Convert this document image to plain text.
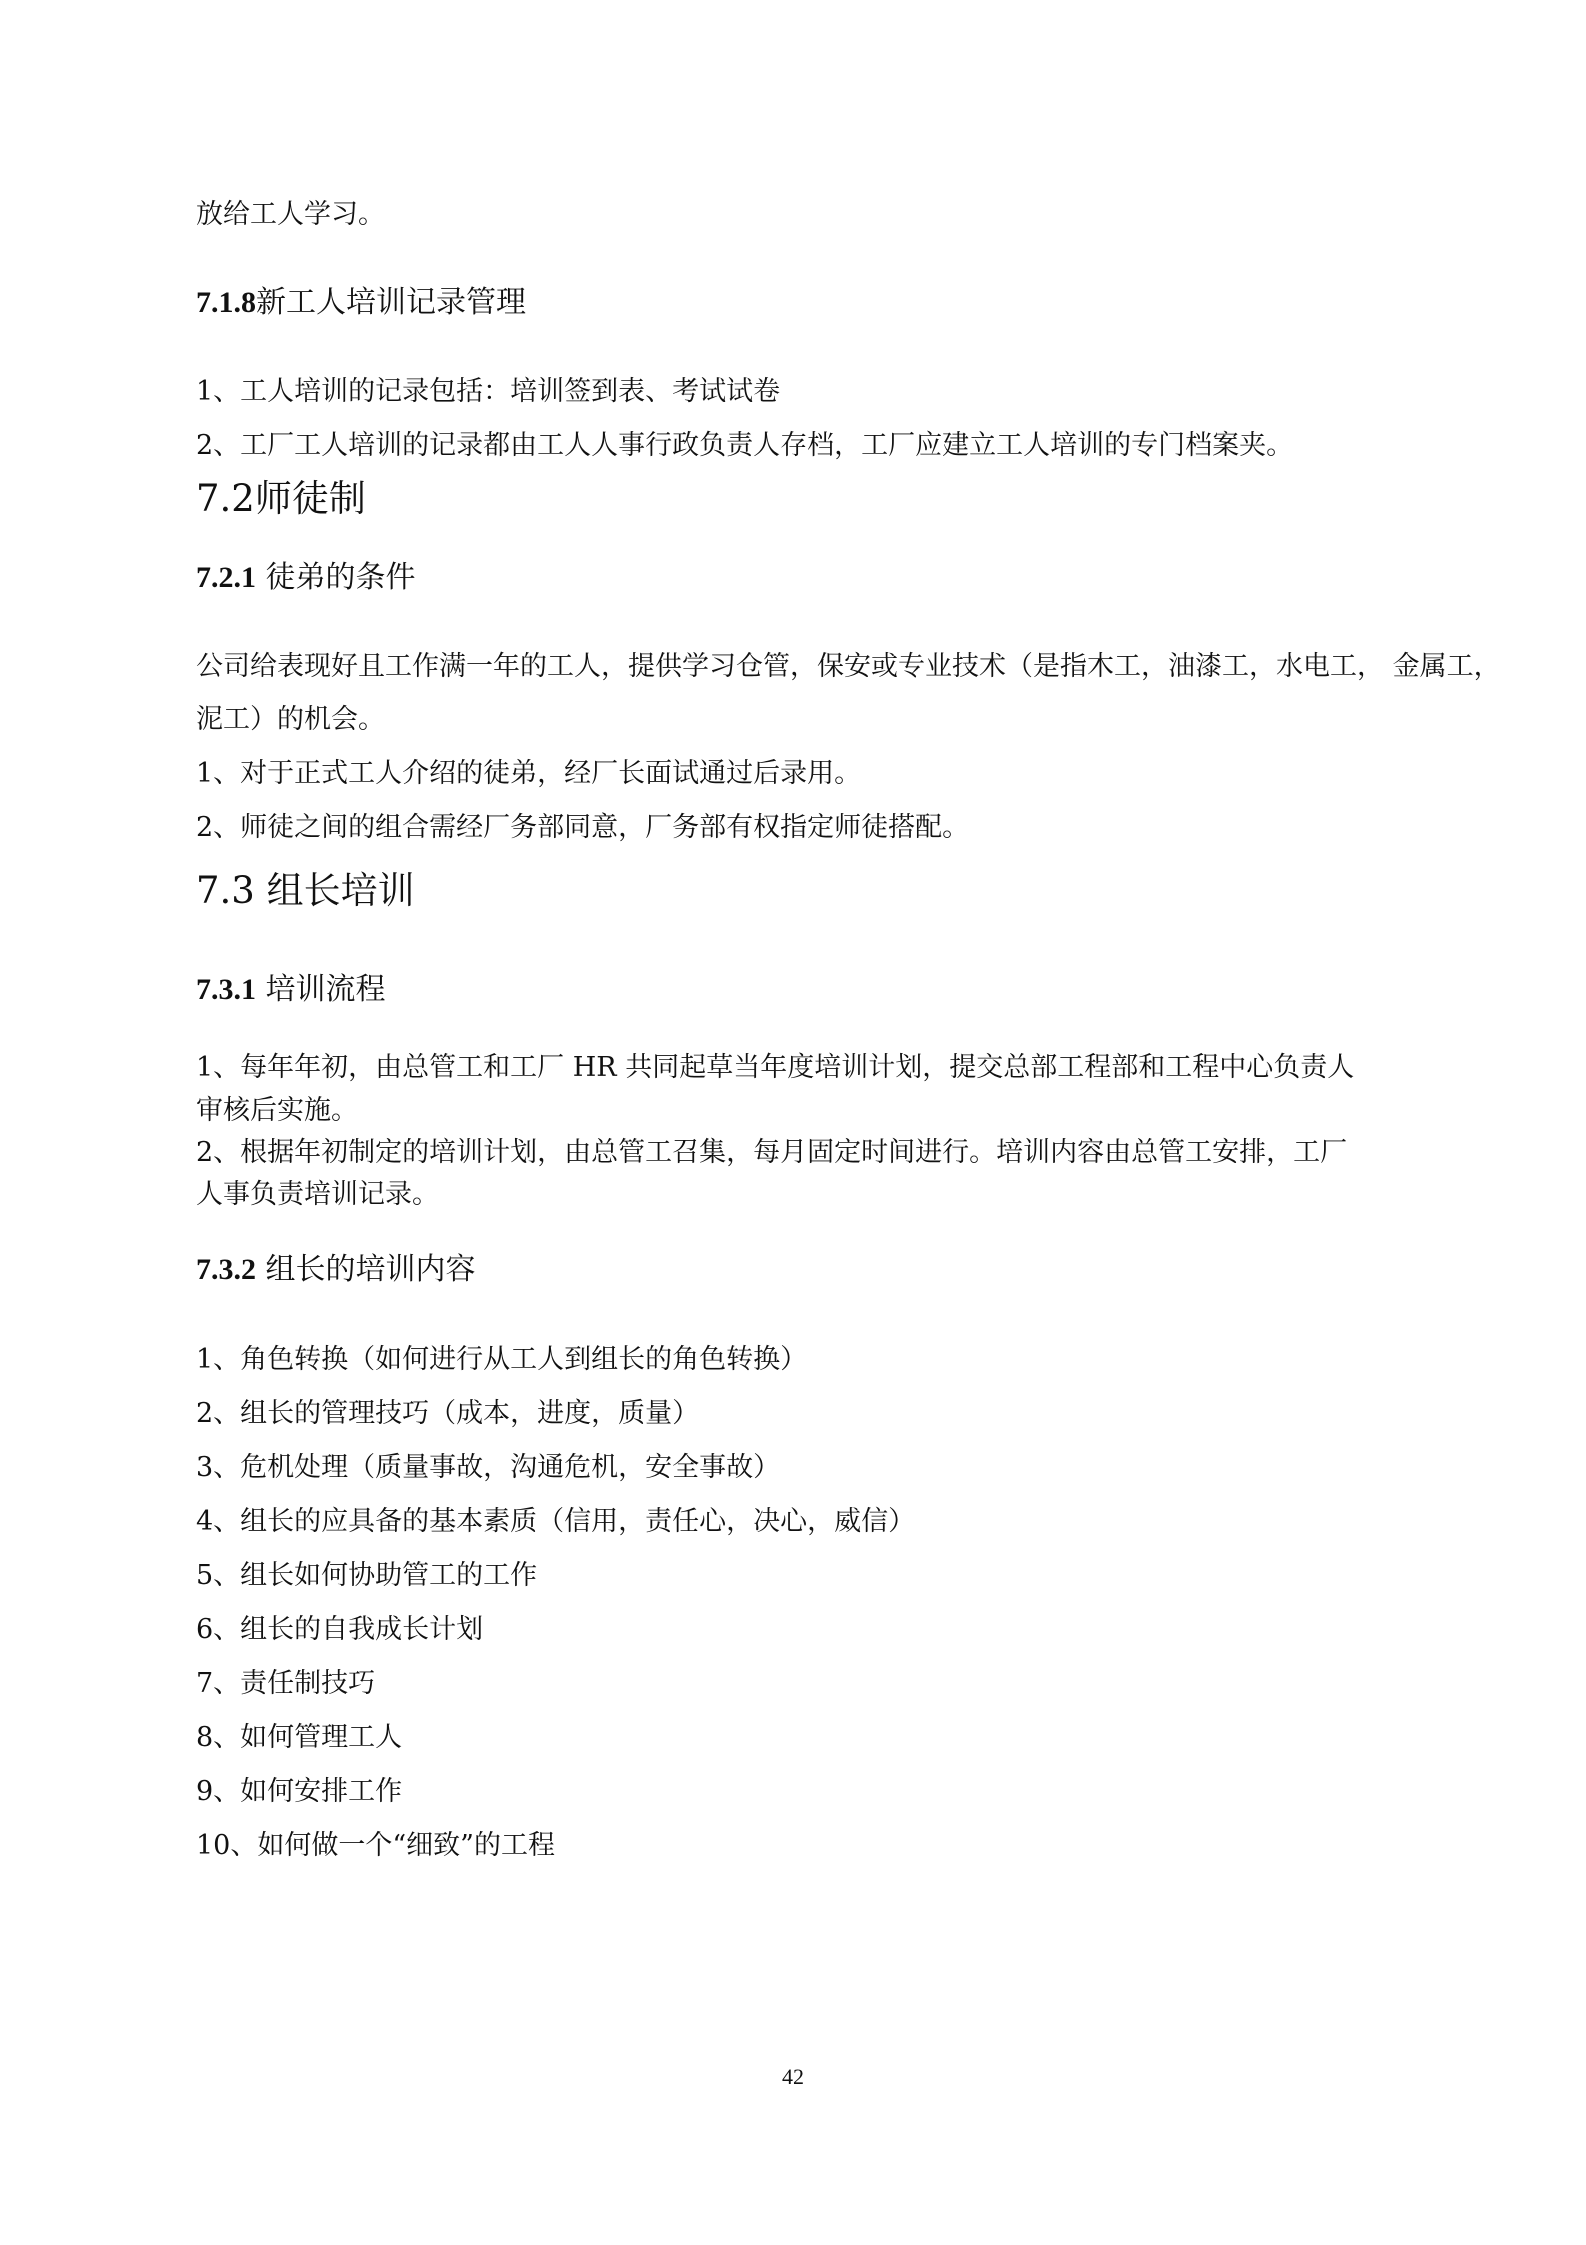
放给工人学习。

7.1.8新工人培训记录管理

1、工人培训的记录包括：培训签到表、考试试卷

2、工厂工人培训的记录都由工人人事行政负责人存档，工厂应建立工人培训的专门档案夹。

7.2师徒制
7.2.1 徒弟的条件

公司给表现好且工作满一年的工人，提供学习仓管，保安或专业技术（是指木工，油漆工，水电工， 金属工，

泥工）的机会。

1、对于正式工人介绍的徒弟，经厂长面试通过后录用。

2、师徒之间的组合需经厂务部同意，厂务部有权指定师徒搭配。

7.3 组长培训
7.3.1 培训流程

1、每年年初，由总管工和工厂 HR 共同起草当年度培训计划，提交总部工程部和工程中心负责人

审核后实施。

2、根据年初制定的培训计划，由总管工召集，每月固定时间进行。培训内容由总管工安排，工厂

人事负责培训记录。

7.3.2 组长的培训内容

1、角色转换（如何进行从工人到组长的角色转换）

2、组长的管理技巧（成本，进度，质量）

3、危机处理（质量事故，沟通危机，安全事故）

4、组长的应具备的基本素质（信用，责任心，决心，威信）

5、组长如何协助管工的工作

6、组长的自我成长计划

7、责任制技巧

8、如何管理工人

9、如何安排工作

10、如何做一个“细致”的工程

42
